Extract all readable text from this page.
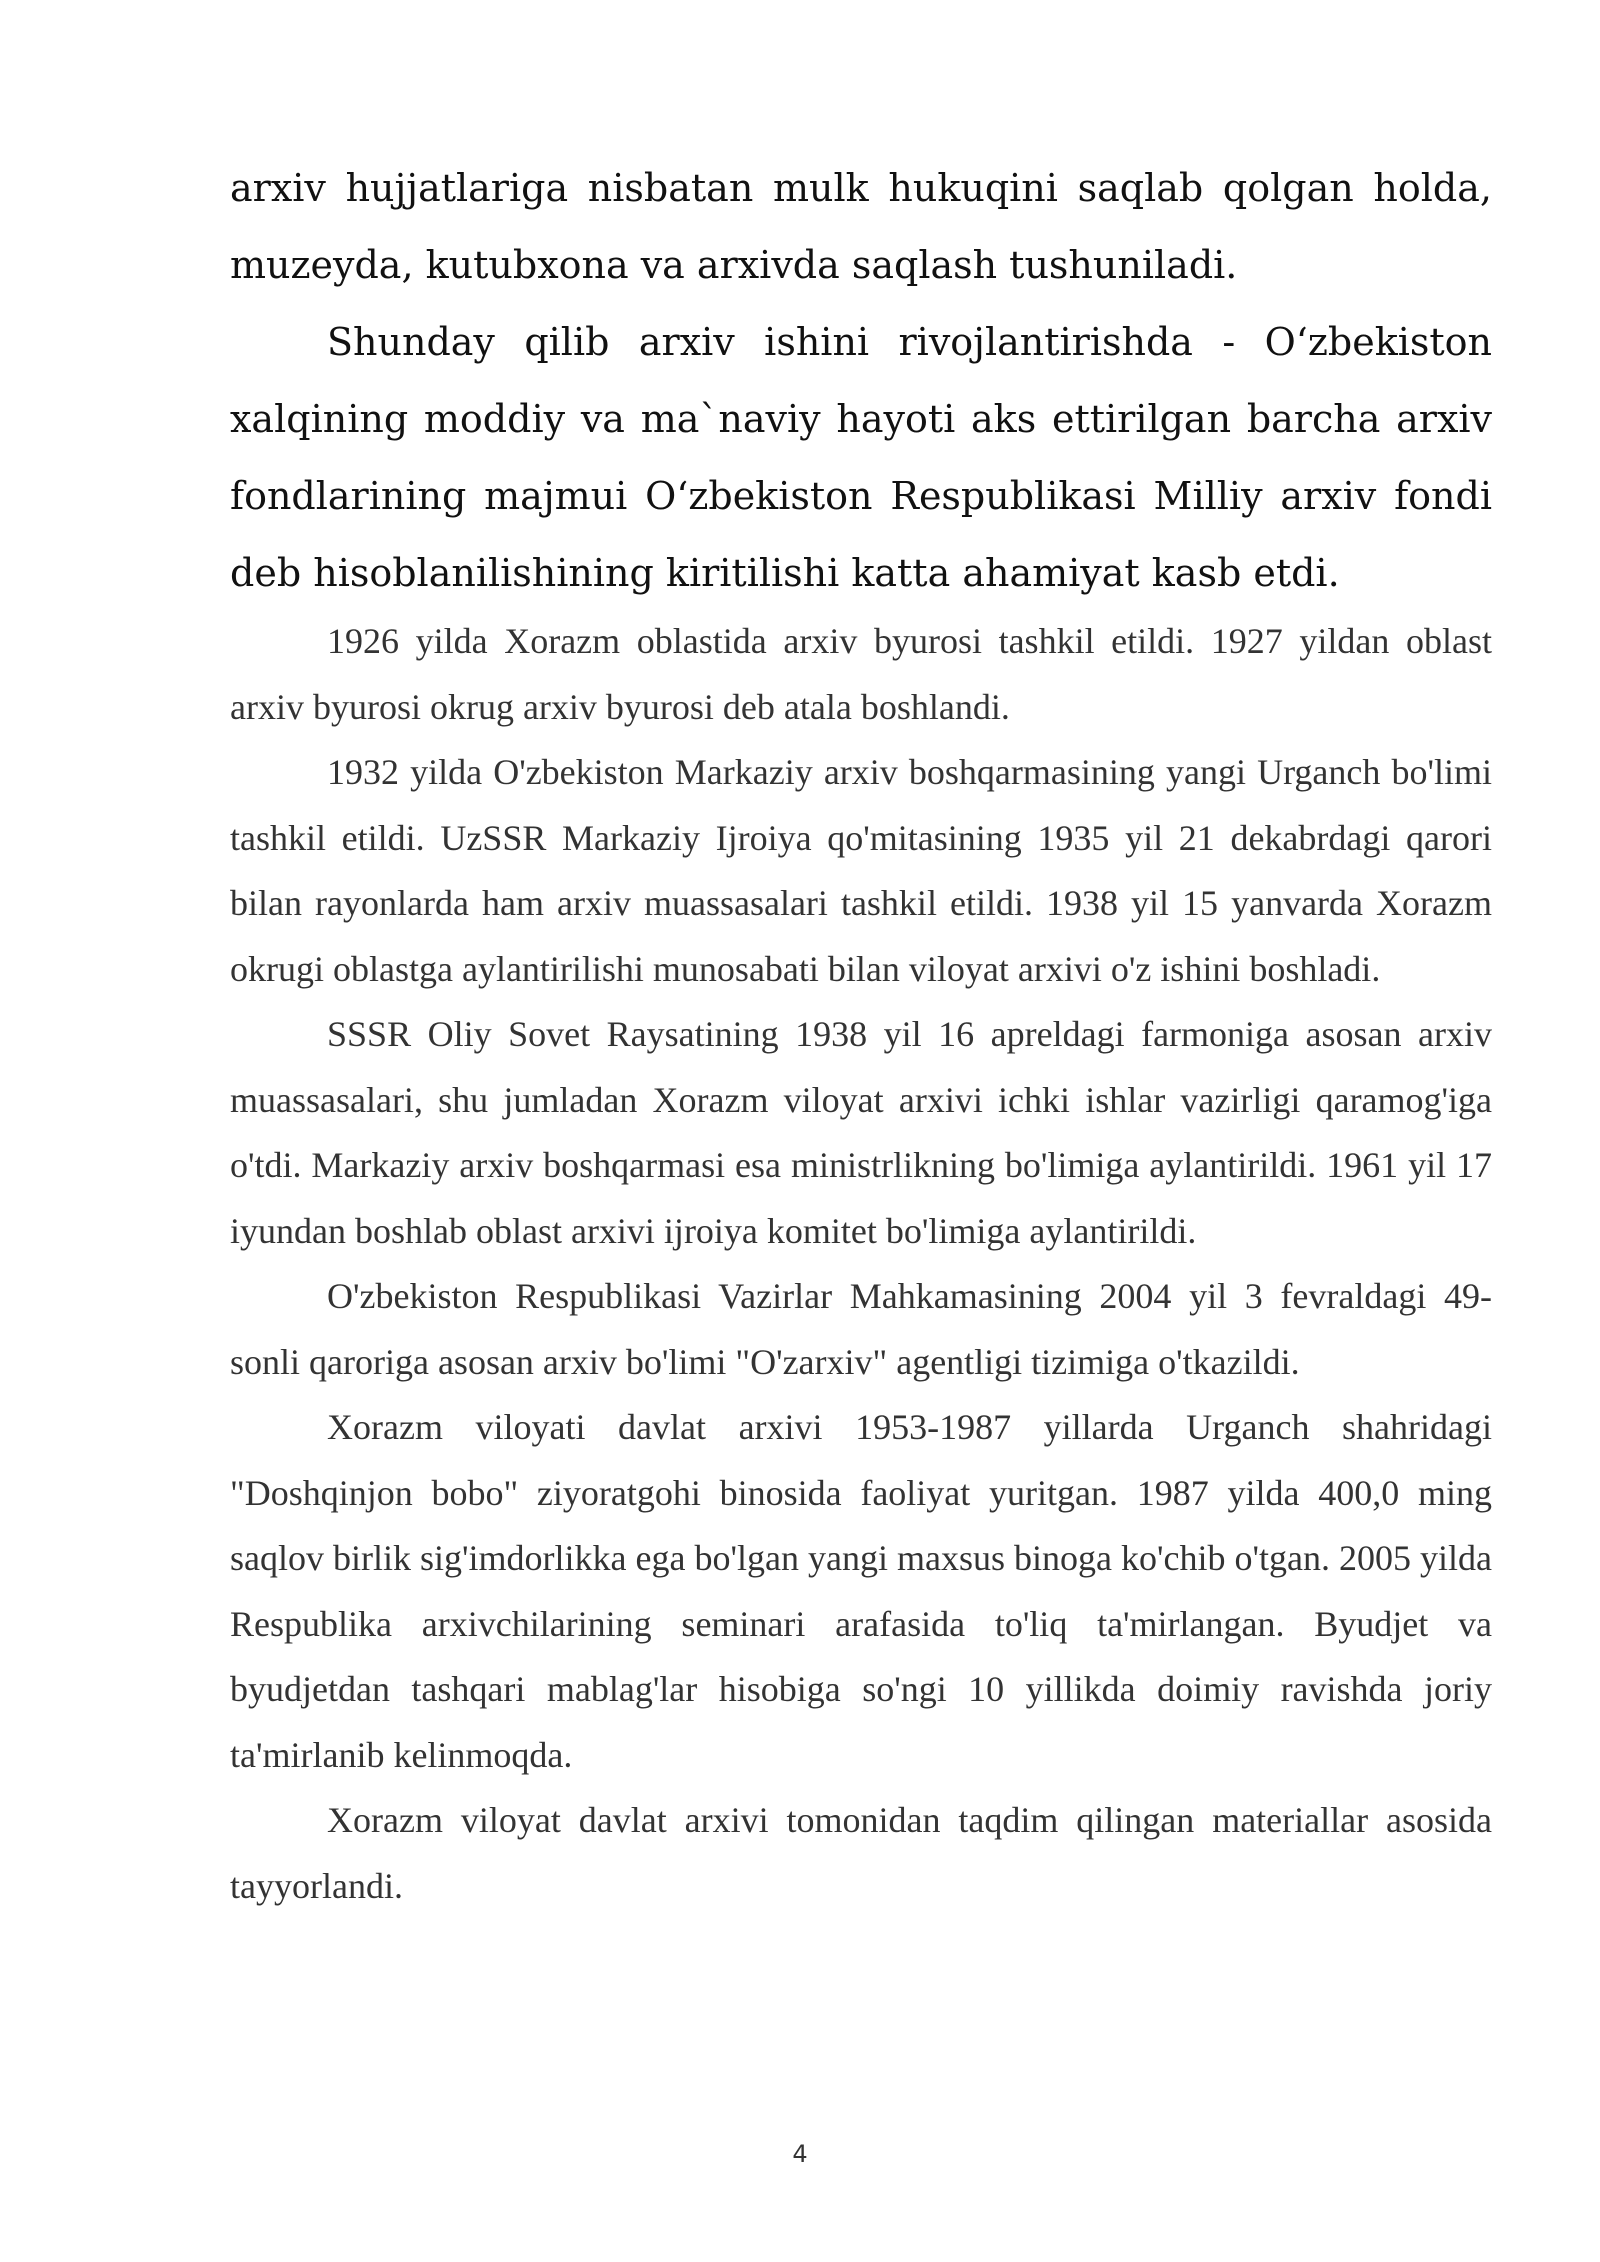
arxiv hujjatlariga nisbatan mulk hukuqini saqlab qolgan holda, muzeyda, kutubxona va arxivda saqlash tushuniladi.

Shunday qilib arxiv ishini rivojlantirishda - O‘zbekiston xalqining moddiy va ma`naviy hayoti aks ettirilgan barcha arxiv fondlarining majmui O‘zbekiston Respublikasi Milliy arxiv fondi deb hisoblanilishining kiritilishi katta ahamiyat kasb etdi.

1926 yilda Xorazm oblastida arxiv byurosi tashkil etildi. 1927 yildan oblast arxiv byurosi okrug arxiv byurosi deb atala boshlandi.

1932 yilda O'zbekiston Markaziy arxiv boshqarmasining yangi Urganch bo'limi tashkil etildi. UzSSR Markaziy Ijroiya qo'mitasining 1935 yil 21 dekabrdagi qarori bilan rayonlarda ham arxiv muassasalari tashkil etildi. 1938 yil 15 yanvarda Xorazm okrugi oblastga aylantirilishi munosabati bilan viloyat arxivi o'z ishini boshladi.

SSSR Oliy Sovet Raysatining 1938 yil 16 apreldagi farmoniga asosan arxiv muassasalari, shu jumladan Xorazm viloyat arxivi ichki ishlar vazirligi qaramog'iga o'tdi. Markaziy arxiv boshqarmasi esa ministrlikning bo'limiga aylantirildi. 1961 yil 17 iyundan boshlab oblast arxivi ijroiya komitet bo'limiga aylantirildi.

O'zbekiston Respublikasi Vazirlar Mahkamasining 2004 yil 3 fevraldagi 49-sonli qaroriga asosan arxiv bo'limi "O'zarxiv" agentligi tizimiga o'tkazildi.

Xorazm viloyati davlat arxivi 1953-1987 yillarda Urganch shahridagi "Doshqinjon bobo" ziyoratgohi binosida faoliyat yuritgan. 1987 yilda 400,0 ming saqlov birlik sig'imdorlikka ega bo'lgan yangi maxsus binoga ko'chib o'tgan. 2005 yilda Respublika arxivchilarining seminari arafasida to'liq ta'mirlangan. Byudjet va byudjetdan tashqari mablag'lar hisobiga so'ngi 10 yillikda doimiy ravishda joriy ta'mirlanib kelinmoqda.

Xorazm viloyat davlat arxivi tomonidan taqdim qilingan materiallar asosida tayyorlandi.

4
